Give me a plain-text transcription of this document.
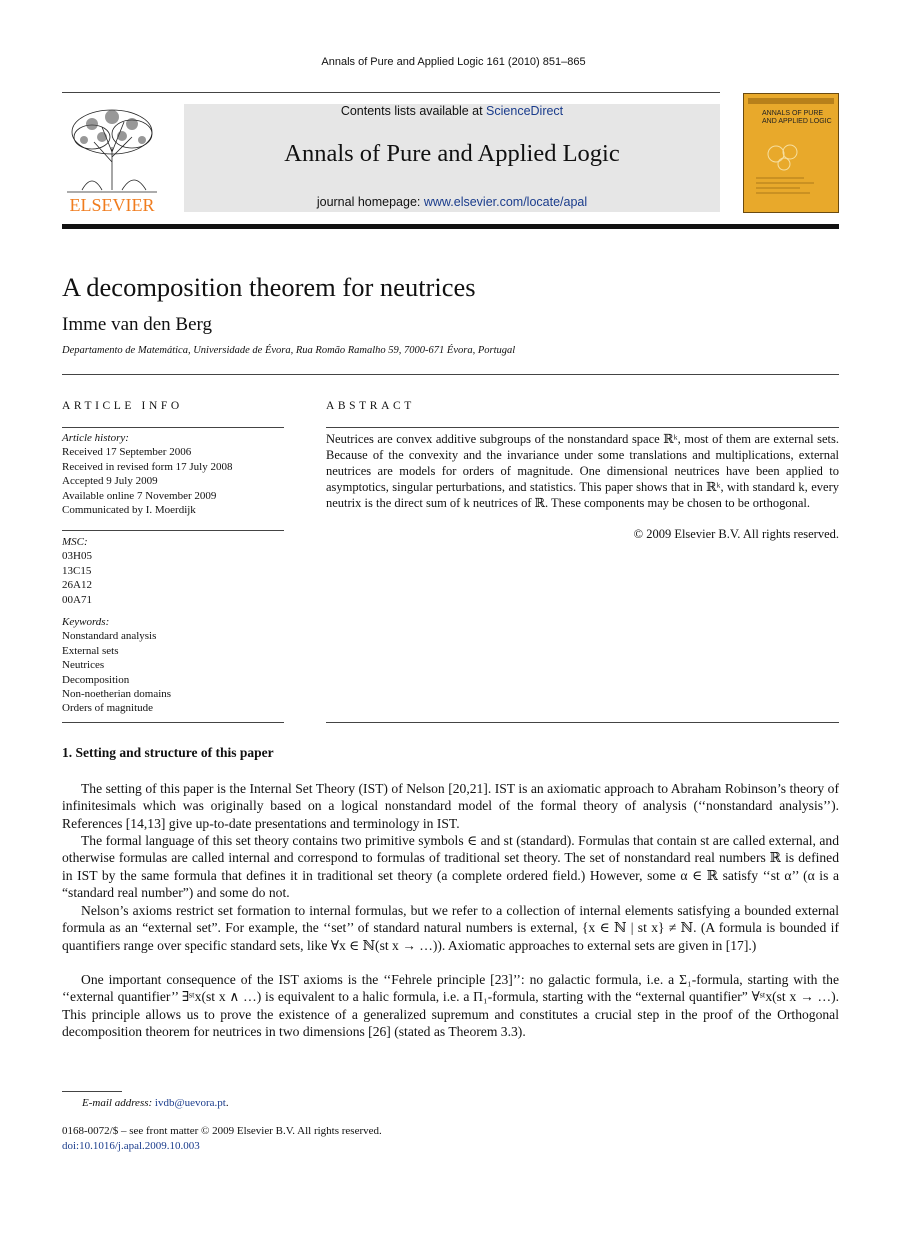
Annals of Pure and Applied Logic 161 (2010) 851–865
ELSEVIER
Contents lists available at ScienceDirect
Annals of Pure and Applied Logic
journal homepage: www.elsevier.com/locate/apal
ANNALS OF PURE AND APPLIED LOGIC
A decomposition theorem for neutrices
Imme van den Berg
Departamento de Matemática, Universidade de Évora, Rua Romão Ramalho 59, 7000-671 Évora, Portugal
ARTICLE INFO	ABSTRACT
Article history:
Received 17 September 2006
Received in revised form 17 July 2008
Accepted 9 July 2009
Available online 7 November 2009
Communicated by I. Moerdijk
MSC:
03H05
13C15
26A12
00A71
Keywords:
Nonstandard analysis
External sets
Neutrices
Decomposition
Non-noetherian domains
Orders of magnitude
Neutrices are convex additive subgroups of the nonstandard space ℝᵏ, most of them are external sets. Because of the convexity and the invariance under some translations and multiplications, external neutrices are models for orders of magnitude. One dimensional neutrices have been applied to asymptotics, singular perturbations, and statistics. This paper shows that in ℝᵏ, with standard k, every neutrix is the direct sum of k neutrices of ℝ. These components may be chosen to be orthogonal.
© 2009 Elsevier B.V. All rights reserved.
1. Setting and structure of this paper
The setting of this paper is the Internal Set Theory (IST) of Nelson [20,21]. IST is an axiomatic approach to Abraham Robinson’s theory of infinitesimals which was originally based on a logical nonstandard model of the formal theory of analysis (‘‘nonstandard analysis’’). References [14,13] give up-to-date presentations and terminology in IST.
The formal language of this set theory contains two primitive symbols ∈ and st (standard). Formulas that contain st are called external, and otherwise formulas are called internal and correspond to formulas of traditional set theory. The set of nonstandard real numbers ℝ is defined in IST by the same formula that defines it in traditional set theory (a complete ordered field.) However, some α ∈ ℝ satisfy ‘‘st α’’ (α is a “standard real number”) and some do not.
Nelson’s axioms restrict set formation to internal formulas, but we refer to a collection of internal elements satisfying a bounded external formula as an “external set”. For example, the ‘‘set’’ of standard natural numbers is external, {x ∈ ℕ | st x} ≠ ℕ. (A formula is bounded if quantifiers range over specific standard sets, like ∀x ∈ ℕ(st x → …)). Axiomatic approaches to external sets are given in [17].)
One important consequence of the IST axioms is the ‘‘Fehrele principle [23]’’: no galactic formula, i.e. a Σ₁-formula, starting with the ‘‘external quantifier’’ ∃ˢᵗx(st x ∧ …) is equivalent to a halic formula, i.e. a Π₁-formula, starting with the “external quantifier” ∀ˢᵗx(st x → …). This principle allows us to prove the existence of a generalized supremum and constitutes a crucial step in the proof of the Orthogonal decomposition theorem for neutrices in two dimensions [26] (stated as Theorem 3.3).
E-mail address: ivdb@uevora.pt.
0168-0072/$ – see front matter © 2009 Elsevier B.V. All rights reserved.
doi:10.1016/j.apal.2009.10.003
